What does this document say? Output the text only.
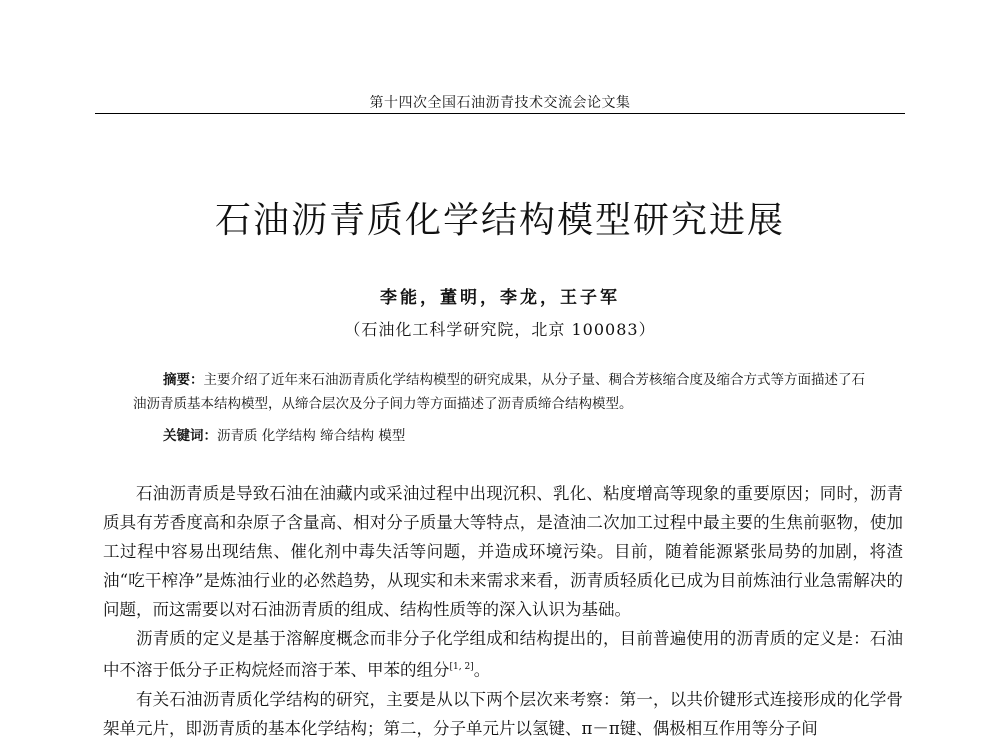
第十四次全国石油沥青技术交流会论文集
石油沥青质化学结构模型研究进展
李能，董明，李龙，王子军
（石油化工科学研究院，北京 100083）
摘要：主要介绍了近年来石油沥青质化学结构模型的研究成果，从分子量、稠合芳核缩合度及缩合方式等方面描述了石油沥青质基本结构模型，从缔合层次及分子间力等方面描述了沥青质缔合结构模型。
关键词：沥青质 化学结构 缔合结构 模型

石油沥青质是导致石油在油藏内或采油过程中出现沉积、乳化、粘度增高等现象的重要原因；同时，沥青质具有芳香度高和杂原子含量高、相对分子质量大等特点，是渣油二次加工过程中最主要的生焦前驱物，使加工过程中容易出现结焦、催化剂中毒失活等问题，并造成环境污染。目前，随着能源紧张局势的加剧，将渣油“吃干榨净”是炼油行业的必然趋势，从现实和未来需求来看，沥青质轻质化已成为目前炼油行业急需解决的问题，而这需要以对石油沥青质的组成、结构性质等的深入认识为基础。

沥青质的定义是基于溶解度概念而非分子化学组成和结构提出的，目前普遍使用的沥青质的定义是：石油中不溶于低分子正构烷烃而溶于苯、甲苯的组分[1, 2]。

有关石油沥青质化学结构的研究，主要是从以下两个层次来考察：第一，以共价键形式连接形成的化学骨架单元片，即沥青质的基本化学结构；第二，分子单元片以氢键、π－π键、偶极相互作用等分子间
